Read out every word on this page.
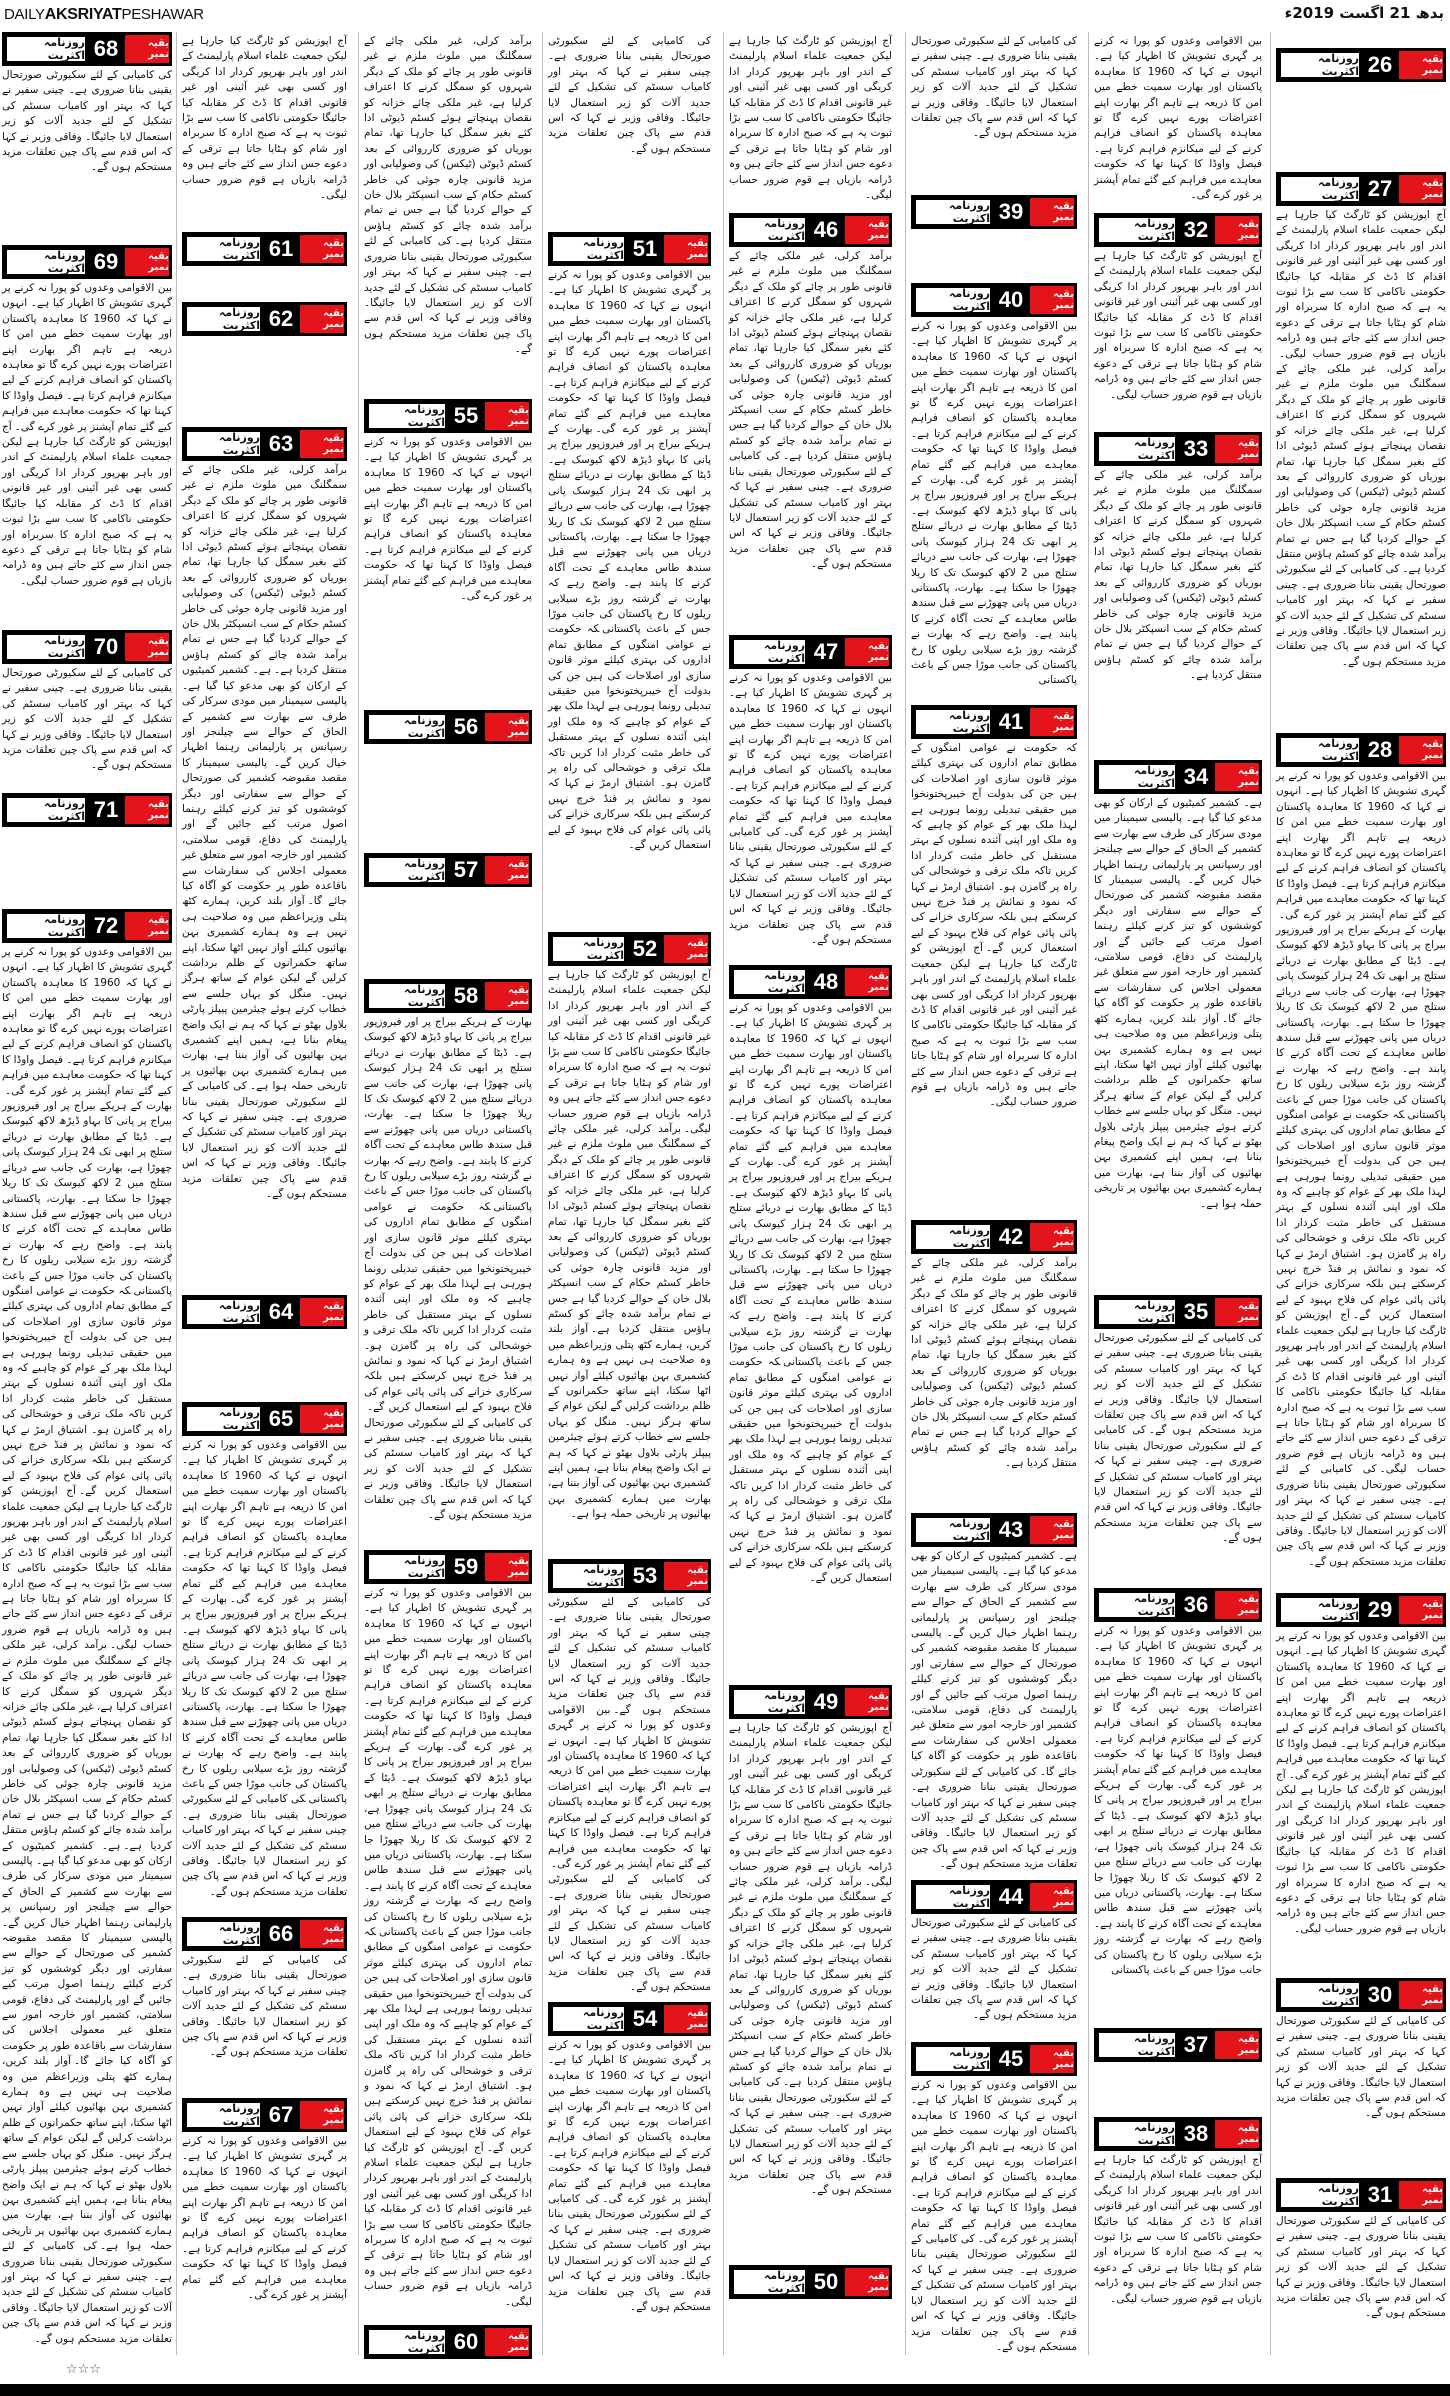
DAILYAKSRIYATPESHAWAR	بدھ 21 اگست 2019ء
روزنامہ اکثریت 68	بقیہ نمبر
کی کامیابی کے لئے سکیورٹی صورتحال یقینی بنانا ضروری ہے۔ چینی سفیر نے کہا کہ بہتر اور کامیاب سسٹم کی تشکیل کے لئے جدید آلات کو زیر استعمال لایا جائیگا۔ وفاقی وزیر نے کہا کہ اس قدم سے پاک چین تعلقات مزید مستحکم ہوں گے۔
روزنامہ اکثریت 69	بقیہ نمبر
بین الاقوامی وعدوں کو پورا نہ کرنے پر گہری تشویش کا اظہار کیا ہے۔ انہوں نے کہا کہ 1960 کا معاہدہ پاکستان اور بھارت سمیت خطے میں امن کا ذریعہ ہے تاہم اگر بھارت اپنے اعتراضات پورے نہیں کرے گا تو معاہدہ پاکستان کو انصاف فراہم کرنے کے لیے میکانزم فراہم کرتا ہے۔ فیصل واوڈا کا کہنا تھا کہ حکومت معاہدے میں فراہم کیے گئے تمام آپشنز پر غور کرے گی۔آج اپوزیشن کو ٹارگٹ کیا جارہا ہے لیکن جمعیت علماء اسلام پارلیمنٹ کے اندر اور باہر بھرپور کردار ادا کریگی اور کسی بھی غیر آئینی اور غیر قانونی اقدام کا ڈٹ کر مقابلہ کیا جائیگا حکومتی ناکامی کا سب سے بڑا ثبوت یہ ہے کہ صبح ادارہ کا سربراہ اور شام کو ہٹایا جاتا ہے ترقی کے دعوے جس انداز سے کئے جاتے ہیں وہ ڈرامہ بازیاں ہے قوم ضرور حساب لیگی۔
روزنامہ اکثریت 70	بقیہ نمبر
کی کامیابی کے لئے سکیورٹی صورتحال یقینی بنانا ضروری ہے۔ چینی سفیر نے کہا کہ بہتر اور کامیاب سسٹم کی تشکیل کے لئے جدید آلات کو زیر استعمال لایا جائیگا۔ وفاقی وزیر نے کہا کہ اس قدم سے پاک چین تعلقات مزید مستحکم ہوں گے۔
روزنامہ اکثریت 71	بقیہ نمبر
روزنامہ اکثریت 72	بقیہ نمبر
بین الاقوامی وعدوں کو پورا نہ کرنے پر گہری تشویش کا اظہار کیا ہے۔ انہوں نے کہا کہ 1960 کا معاہدہ پاکستان اور بھارت سمیت خطے میں امن کا ذریعہ ہے تاہم اگر بھارت اپنے اعتراضات پورے نہیں کرے گا تو معاہدہ پاکستان کو انصاف فراہم کرنے کے لیے میکانزم فراہم کرتا ہے۔ فیصل واوڈا کا کہنا تھا کہ حکومت معاہدے میں فراہم کیے گئے تمام آپشنز پر غور کرے گی۔بھارت کے ہریکے بیراج پر اور فیروزپور بیراج پر پانی کا بہاو ڈیڑھ لاکھ کیوسک ہے۔ ڈیٹا کے مطابق بھارت نے دریائے ستلج پر ابھی تک 24 ہزار کیوسک پانی چھوڑا ہے، بھارت کی جانب سے دریائے ستلج میں 2 لاکھ کیوسک تک کا ریلا چھوڑا جا سکتا ہے۔ بھارت، پاکستانی دریاں میں پانی چھوڑنے سے قبل سندھ طاس معاہدے کے تحت آگاہ کرنے کا پابند ہے۔ واضح رہے کہ بھارت نے گزشتہ روز بڑے سیلابی ریلوں کا رخ پاکستان کی جانب موڑا جس کے باعث پاکستانیکہ حکومت نے عوامی امنگوں کے مطابق تمام اداروں کی بہتری کیلئے موثر قانون سازی اور اصلاحات کی ہیں جن کی بدولت آج خیبرپختونخوا میں حقیقی تبدیلی رونما ہورہی ہے لہذا ملک بھر کے عوام کو چاہیے کہ وہ ملک اور اپنی آئندہ نسلوں کے بہتر مستقبل کی خاطر مثبت کردار ادا کریں تاکہ ملک ترقی و خوشحالی کی راہ پر گامزن ہو۔ اشتیاق ارمڑ نے کہا کہ نمود و نمائش پر فنڈ خرچ نہیں کرسکتے ہیں بلکہ سرکاری خزانے کی پائی پائی عوام کی فلاح بہبود کے لیے استعمال کریں گے۔آج اپوزیشن کو ٹارگٹ کیا جارہا ہے لیکن جمعیت علماء اسلام پارلیمنٹ کے اندر اور باہر بھرپور کردار ادا کریگی اور کسی بھی غیر آئینی اور غیر قانونی اقدام کا ڈٹ کر مقابلہ کیا جائیگا حکومتی ناکامی کا سب سے بڑا ثبوت یہ ہے کہ صبح ادارہ کا سربراہ اور شام کو ہٹایا جاتا ہے ترقی کے دعوے جس انداز سے کئے جاتے ہیں وہ ڈرامہ بازیاں ہے قوم ضرور حساب لیگی۔برآمد کرلی، غیر ملکی چائے کے سمگلنگ میں ملوث ملزم نے غیر قانونی طور پر چائے کو ملک کے دیگر شہروں کو سمگل کرنے کا اعتراف کرلیا ہے، غیر ملکی چائے خزانہ کو نقصان پہنچاتے ہوئے کسٹم ڈیوٹی ادا کئے بغیر سمگل کیا جارہا تھا، تمام بوریاں کو ضروری کارروائی کے بعد کسٹم ڈیوٹی (ٹیکس) کی وصولیابی اور مزید قانونی چارہ جوئی کی خاطر کسٹم حکام کے سب انسپکٹر بلال خان کے حوالے کردیا گیا ہے جس نے تمام برآمد شدہ چائے کو کسٹم ہاؤس منتقل کردیا ہے۔ہے۔ کشمیر کمیٹیوں کے ارکان کو بھی مدعو کیا گیا ہے۔ پالیسی سیمینار میں مودی سرکار کی طرف سے بھارت سے کشمیر کے الحاق کے حوالے سے چیلنجز اور رسپانس پر پارلیمانی رہنما اظہار خیال کریں گے۔ پالیسی سیمینار کا مقصد مقبوضہ کشمیر کی صورتحال کے حوالے سے سفارتی اور دیگر کوششوں کو تیز کرنے کیلئے رہنما اصول مرتب کیے جائیں گے اور پارلیمنٹ کی دفاع، قومی سلامتی، کشمیر اور خارجہ امور سے متعلق غیر معمولی اجلاس کی سفارشات سے باقاعدہ طور پر حکومت کو آگاہ کیا جائے گا۔آواز بلند کریں، ہمارے کٹھ پتلی وزیراعظم میں وہ صلاحیت ہی نہیں ہے وہ ہمارے کشمیری بہن بھائیوں کیلئے آواز نہیں اٹھا سکتا، اپنے ساتھ حکمرانوں کے ظلم برداشت کرلیں گے لیکن عوام کے ساتھ ہرگز نہیں۔ منگل کو یہاں جلسے سے خطاب کرتے ہوئے چیئرمین پیپلز پارٹی بلاول بھٹو نے کہا کہ ہم نے ایک واضح پیغام بنانا ہے، ہمیں اپنے کشمیری بہن بھائیوں کی آواز بننا ہے، بھارت میں ہمارے کشمیری بہن بھائیوں پر تاریخی حملہ ہوا ہے۔کی کامیابی کے لئے سکیورٹی صورتحال یقینی بنانا ضروری ہے۔ چینی سفیر نے کہا کہ بہتر اور کامیاب سسٹم کی تشکیل کے لئے جدید آلات کو زیر استعمال لایا جائیگا۔ وفاقی وزیر نے کہا کہ اس قدم سے پاک چین تعلقات مزید مستحکم ہوں گے۔
آج اپوزیشن کو ٹارگٹ کیا جارہا ہے لیکن جمعیت علماء اسلام پارلیمنٹ کے اندر اور باہر بھرپور کردار ادا کریگی اور کسی بھی غیر آئینی اور غیر قانونی اقدام کا ڈٹ کر مقابلہ کیا جائیگا حکومتی ناکامی کا سب سے بڑا ثبوت یہ ہے کہ صبح ادارہ کا سربراہ اور شام کو ہٹایا جاتا ہے ترقی کے دعوے جس انداز سے کئے جاتے ہیں وہ ڈرامہ بازیاں ہے قوم ضرور حساب لیگی۔
روزنامہ اکثریت 61	بقیہ نمبر
روزنامہ اکثریت 62	بقیہ نمبر
روزنامہ اکثریت 63	بقیہ نمبر
برآمد کرلی، غیر ملکی چائے کے سمگلنگ میں ملوث ملزم نے غیر قانونی طور پر چائے کو ملک کے دیگر شہروں کو سمگل کرنے کا اعتراف کرلیا ہے، غیر ملکی چائے خزانہ کو نقصان پہنچاتے ہوئے کسٹم ڈیوٹی ادا کئے بغیر سمگل کیا جارہا تھا، تمام بوریاں کو ضروری کارروائی کے بعد کسٹم ڈیوٹی (ٹیکس) کی وصولیابی اور مزید قانونی چارہ جوئی کی خاطر کسٹم حکام کے سب انسپکٹر بلال خان کے حوالے کردیا گیا ہے جس نے تمام برآمد شدہ چائے کو کسٹم ہاؤس منتقل کردیا ہے۔ہے۔ کشمیر کمیٹیوں کے ارکان کو بھی مدعو کیا گیا ہے۔ پالیسی سیمینار میں مودی سرکار کی طرف سے بھارت سے کشمیر کے الحاق کے حوالے سے چیلنجز اور رسپانس پر پارلیمانی رہنما اظہار خیال کریں گے۔ پالیسی سیمینار کا مقصد مقبوضہ کشمیر کی صورتحال کے حوالے سے سفارتی اور دیگر کوششوں کو تیز کرنے کیلئے رہنما اصول مرتب کیے جائیں گے اور پارلیمنٹ کی دفاع، قومی سلامتی، کشمیر اور خارجہ امور سے متعلق غیر معمولی اجلاس کی سفارشات سے باقاعدہ طور پر حکومت کو آگاہ کیا جائے گا۔آواز بلند کریں، ہمارے کٹھ پتلی وزیراعظم میں وہ صلاحیت ہی نہیں ہے وہ ہمارے کشمیری بہن بھائیوں کیلئے آواز نہیں اٹھا سکتا، اپنے ساتھ حکمرانوں کے ظلم برداشت کرلیں گے لیکن عوام کے ساتھ ہرگز نہیں۔ منگل کو یہاں جلسے سے خطاب کرتے ہوئے چیئرمین پیپلز پارٹی بلاول بھٹو نے کہا کہ ہم نے ایک واضح پیغام بنانا ہے، ہمیں اپنے کشمیری بہن بھائیوں کی آواز بننا ہے، بھارت میں ہمارے کشمیری بہن بھائیوں پر تاریخی حملہ ہوا ہے۔کی کامیابی کے لئے سکیورٹی صورتحال یقینی بنانا ضروری ہے۔ چینی سفیر نے کہا کہ بہتر اور کامیاب سسٹم کی تشکیل کے لئے جدید آلات کو زیر استعمال لایا جائیگا۔ وفاقی وزیر نے کہا کہ اس قدم سے پاک چین تعلقات مزید مستحکم ہوں گے۔
روزنامہ اکثریت 64	بقیہ نمبر
روزنامہ اکثریت 65	بقیہ نمبر
بین الاقوامی وعدوں کو پورا نہ کرنے پر گہری تشویش کا اظہار کیا ہے۔ انہوں نے کہا کہ 1960 کا معاہدہ پاکستان اور بھارت سمیت خطے میں امن کا ذریعہ ہے تاہم اگر بھارت اپنے اعتراضات پورے نہیں کرے گا تو معاہدہ پاکستان کو انصاف فراہم کرنے کے لیے میکانزم فراہم کرتا ہے۔ فیصل واوڈا کا کہنا تھا کہ حکومت معاہدے میں فراہم کیے گئے تمام آپشنز پر غور کرے گی۔بھارت کے ہریکے بیراج پر اور فیروزپور بیراج پر پانی کا بہاو ڈیڑھ لاکھ کیوسک ہے۔ ڈیٹا کے مطابق بھارت نے دریائے ستلج پر ابھی تک 24 ہزار کیوسک پانی چھوڑا ہے، بھارت کی جانب سے دریائے ستلج میں 2 لاکھ کیوسک تک کا ریلا چھوڑا جا سکتا ہے۔ بھارت، پاکستانی دریاں میں پانی چھوڑنے سے قبل سندھ طاس معاہدے کے تحت آگاہ کرنے کا پابند ہے۔ واضح رہے کہ بھارت نے گزشتہ روز بڑے سیلابی ریلوں کا رخ پاکستان کی جانب موڑا جس کے باعث پاکستانیکی کامیابی کے لئے سکیورٹی صورتحال یقینی بنانا ضروری ہے۔ چینی سفیر نے کہا کہ بہتر اور کامیاب سسٹم کی تشکیل کے لئے جدید آلات کو زیر استعمال لایا جائیگا۔ وفاقی وزیر نے کہا کہ اس قدم سے پاک چین تعلقات مزید مستحکم ہوں گے۔
روزنامہ اکثریت 66	بقیہ نمبر
کی کامیابی کے لئے سکیورٹی صورتحال یقینی بنانا ضروری ہے۔ چینی سفیر نے کہا کہ بہتر اور کامیاب سسٹم کی تشکیل کے لئے جدید آلات کو زیر استعمال لایا جائیگا۔ وفاقی وزیر نے کہا کہ اس قدم سے پاک چین تعلقات مزید مستحکم ہوں گے۔
روزنامہ اکثریت 67	بقیہ نمبر
بین الاقوامی وعدوں کو پورا نہ کرنے پر گہری تشویش کا اظہار کیا ہے۔ انہوں نے کہا کہ 1960 کا معاہدہ پاکستان اور بھارت سمیت خطے میں امن کا ذریعہ ہے تاہم اگر بھارت اپنے اعتراضات پورے نہیں کرے گا تو معاہدہ پاکستان کو انصاف فراہم کرنے کے لیے میکانزم فراہم کرتا ہے۔ فیصل واوڈا کا کہنا تھا کہ حکومت معاہدے میں فراہم کیے گئے تمام آپشنز پر غور کرے گی۔
برآمد کرلی، غیر ملکی چائے کے سمگلنگ میں ملوث ملزم نے غیر قانونی طور پر چائے کو ملک کے دیگر شہروں کو سمگل کرنے کا اعتراف کرلیا ہے، غیر ملکی چائے خزانہ کو نقصان پہنچاتے ہوئے کسٹم ڈیوٹی ادا کئے بغیر سمگل کیا جارہا تھا، تمام بوریاں کو ضروری کارروائی کے بعد کسٹم ڈیوٹی (ٹیکس) کی وصولیابی اور مزید قانونی چارہ جوئی کی خاطر کسٹم حکام کے سب انسپکٹر بلال خان کے حوالے کردیا گیا ہے جس نے تمام برآمد شدہ چائے کو کسٹم ہاؤس منتقل کردیا ہے۔کی کامیابی کے لئے سکیورٹی صورتحال یقینی بنانا ضروری ہے۔ چینی سفیر نے کہا کہ بہتر اور کامیاب سسٹم کی تشکیل کے لئے جدید آلات کو زیر استعمال لایا جائیگا۔ وفاقی وزیر نے کہا کہ اس قدم سے پاک چین تعلقات مزید مستحکم ہوں گے۔
روزنامہ اکثریت 55	بقیہ نمبر
بین الاقوامی وعدوں کو پورا نہ کرنے پر گہری تشویش کا اظہار کیا ہے۔ انہوں نے کہا کہ 1960 کا معاہدہ پاکستان اور بھارت سمیت خطے میں امن کا ذریعہ ہے تاہم اگر بھارت اپنے اعتراضات پورے نہیں کرے گا تو معاہدہ پاکستان کو انصاف فراہم کرنے کے لیے میکانزم فراہم کرتا ہے۔ فیصل واوڈا کا کہنا تھا کہ حکومت معاہدے میں فراہم کیے گئے تمام آپشنز پر غور کرے گی۔
روزنامہ اکثریت 56	بقیہ نمبر
روزنامہ اکثریت 57	بقیہ نمبر
روزنامہ اکثریت 58	بقیہ نمبر
بھارت کے ہریکے بیراج پر اور فیروزپور بیراج پر پانی کا بہاو ڈیڑھ لاکھ کیوسک ہے۔ ڈیٹا کے مطابق بھارت نے دریائے ستلج پر ابھی تک 24 ہزار کیوسک پانی چھوڑا ہے، بھارت کی جانب سے دریائے ستلج میں 2 لاکھ کیوسک تک کا ریلا چھوڑا جا سکتا ہے۔ بھارت، پاکستانی دریاں میں پانی چھوڑنے سے قبل سندھ طاس معاہدے کے تحت آگاہ کرنے کا پابند ہے۔ واضح رہے کہ بھارت نے گزشتہ روز بڑے سیلابی ریلوں کا رخ پاکستان کی جانب موڑا جس کے باعث پاکستانیکہ حکومت نے عوامی امنگوں کے مطابق تمام اداروں کی بہتری کیلئے موثر قانون سازی اور اصلاحات کی ہیں جن کی بدولت آج خیبرپختونخوا میں حقیقی تبدیلی رونما ہورہی ہے لہذا ملک بھر کے عوام کو چاہیے کہ وہ ملک اور اپنی آئندہ نسلوں کے بہتر مستقبل کی خاطر مثبت کردار ادا کریں تاکہ ملک ترقی و خوشحالی کی راہ پر گامزن ہو۔ اشتیاق ارمڑ نے کہا کہ نمود و نمائش پر فنڈ خرچ نہیں کرسکتے ہیں بلکہ سرکاری خزانے کی پائی پائی عوام کی فلاح بہبود کے لیے استعمال کریں گے۔کی کامیابی کے لئے سکیورٹی صورتحال یقینی بنانا ضروری ہے۔ چینی سفیر نے کہا کہ بہتر اور کامیاب سسٹم کی تشکیل کے لئے جدید آلات کو زیر استعمال لایا جائیگا۔ وفاقی وزیر نے کہا کہ اس قدم سے پاک چین تعلقات مزید مستحکم ہوں گے۔
روزنامہ اکثریت 59	بقیہ نمبر
بین الاقوامی وعدوں کو پورا نہ کرنے پر گہری تشویش کا اظہار کیا ہے۔ انہوں نے کہا کہ 1960 کا معاہدہ پاکستان اور بھارت سمیت خطے میں امن کا ذریعہ ہے تاہم اگر بھارت اپنے اعتراضات پورے نہیں کرے گا تو معاہدہ پاکستان کو انصاف فراہم کرنے کے لیے میکانزم فراہم کرتا ہے۔ فیصل واوڈا کا کہنا تھا کہ حکومت معاہدے میں فراہم کیے گئے تمام آپشنز پر غور کرے گی۔بھارت کے ہریکے بیراج پر اور فیروزپور بیراج پر پانی کا بہاو ڈیڑھ لاکھ کیوسک ہے۔ ڈیٹا کے مطابق بھارت نے دریائے ستلج پر ابھی تک 24 ہزار کیوسک پانی چھوڑا ہے، بھارت کی جانب سے دریائے ستلج میں 2 لاکھ کیوسک تک کا ریلا چھوڑا جا سکتا ہے۔ بھارت، پاکستانی دریاں میں پانی چھوڑنے سے قبل سندھ طاس معاہدے کے تحت آگاہ کرنے کا پابند ہے۔ واضح رہے کہ بھارت نے گزشتہ روز بڑے سیلابی ریلوں کا رخ پاکستان کی جانب موڑا جس کے باعث پاکستانیکہ حکومت نے عوامی امنگوں کے مطابق تمام اداروں کی بہتری کیلئے موثر قانون سازی اور اصلاحات کی ہیں جن کی بدولت آج خیبرپختونخوا میں حقیقی تبدیلی رونما ہورہی ہے لہذا ملک بھر کے عوام کو چاہیے کہ وہ ملک اور اپنی آئندہ نسلوں کے بہتر مستقبل کی خاطر مثبت کردار ادا کریں تاکہ ملک ترقی و خوشحالی کی راہ پر گامزن ہو۔ اشتیاق ارمڑ نے کہا کہ نمود و نمائش پر فنڈ خرچ نہیں کرسکتے ہیں بلکہ سرکاری خزانے کی پائی پائی عوام کی فلاح بہبود کے لیے استعمال کریں گے۔آج اپوزیشن کو ٹارگٹ کیا جارہا ہے لیکن جمعیت علماء اسلام پارلیمنٹ کے اندر اور باہر بھرپور کردار ادا کریگی اور کسی بھی غیر آئینی اور غیر قانونی اقدام کا ڈٹ کر مقابلہ کیا جائیگا حکومتی ناکامی کا سب سے بڑا ثبوت یہ ہے کہ صبح ادارہ کا سربراہ اور شام کو ہٹایا جاتا ہے ترقی کے دعوے جس انداز سے کئے جاتے ہیں وہ ڈرامہ بازیاں ہے قوم ضرور حساب لیگی۔
روزنامہ اکثریت 60	بقیہ نمبر
کی کامیابی کے لئے سکیورٹی صورتحال یقینی بنانا ضروری ہے۔ چینی سفیر نے کہا کہ بہتر اور کامیاب سسٹم کی تشکیل کے لئے جدید آلات کو زیر استعمال لایا جائیگا۔ وفاقی وزیر نے کہا کہ اس قدم سے پاک چین تعلقات مزید مستحکم ہوں گے۔
روزنامہ اکثریت 51	بقیہ نمبر
بین الاقوامی وعدوں کو پورا نہ کرنے پر گہری تشویش کا اظہار کیا ہے۔ انہوں نے کہا کہ 1960 کا معاہدہ پاکستان اور بھارت سمیت خطے میں امن کا ذریعہ ہے تاہم اگر بھارت اپنے اعتراضات پورے نہیں کرے گا تو معاہدہ پاکستان کو انصاف فراہم کرنے کے لیے میکانزم فراہم کرتا ہے۔ فیصل واوڈا کا کہنا تھا کہ حکومت معاہدے میں فراہم کیے گئے تمام آپشنز پر غور کرے گی۔بھارت کے ہریکے بیراج پر اور فیروزپور بیراج پر پانی کا بہاو ڈیڑھ لاکھ کیوسک ہے۔ ڈیٹا کے مطابق بھارت نے دریائے ستلج پر ابھی تک 24 ہزار کیوسک پانی چھوڑا ہے، بھارت کی جانب سے دریائے ستلج میں 2 لاکھ کیوسک تک کا ریلا چھوڑا جا سکتا ہے۔ بھارت، پاکستانی دریاں میں پانی چھوڑنے سے قبل سندھ طاس معاہدے کے تحت آگاہ کرنے کا پابند ہے۔ واضح رہے کہ بھارت نے گزشتہ روز بڑے سیلابی ریلوں کا رخ پاکستان کی جانب موڑا جس کے باعث پاکستانیکہ حکومت نے عوامی امنگوں کے مطابق تمام اداروں کی بہتری کیلئے موثر قانون سازی اور اصلاحات کی ہیں جن کی بدولت آج خیبرپختونخوا میں حقیقی تبدیلی رونما ہورہی ہے لہذا ملک بھر کے عوام کو چاہیے کہ وہ ملک اور اپنی آئندہ نسلوں کے بہتر مستقبل کی خاطر مثبت کردار ادا کریں تاکہ ملک ترقی و خوشحالی کی راہ پر گامزن ہو۔ اشتیاق ارمڑ نے کہا کہ نمود و نمائش پر فنڈ خرچ نہیں کرسکتے ہیں بلکہ سرکاری خزانے کی پائی پائی عوام کی فلاح بہبود کے لیے استعمال کریں گے۔
روزنامہ اکثریت 52	بقیہ نمبر
آج اپوزیشن کو ٹارگٹ کیا جارہا ہے لیکن جمعیت علماء اسلام پارلیمنٹ کے اندر اور باہر بھرپور کردار ادا کریگی اور کسی بھی غیر آئینی اور غیر قانونی اقدام کا ڈٹ کر مقابلہ کیا جائیگا حکومتی ناکامی کا سب سے بڑا ثبوت یہ ہے کہ صبح ادارہ کا سربراہ اور شام کو ہٹایا جاتا ہے ترقی کے دعوے جس انداز سے کئے جاتے ہیں وہ ڈرامہ بازیاں ہے قوم ضرور حساب لیگی۔برآمد کرلی، غیر ملکی چائے کے سمگلنگ میں ملوث ملزم نے غیر قانونی طور پر چائے کو ملک کے دیگر شہروں کو سمگل کرنے کا اعتراف کرلیا ہے، غیر ملکی چائے خزانہ کو نقصان پہنچاتے ہوئے کسٹم ڈیوٹی ادا کئے بغیر سمگل کیا جارہا تھا، تمام بوریاں کو ضروری کارروائی کے بعد کسٹم ڈیوٹی (ٹیکس) کی وصولیابی اور مزید قانونی چارہ جوئی کی خاطر کسٹم حکام کے سب انسپکٹر بلال خان کے حوالے کردیا گیا ہے جس نے تمام برآمد شدہ چائے کو کسٹم ہاؤس منتقل کردیا ہے۔آواز بلند کریں، ہمارے کٹھ پتلی وزیراعظم میں وہ صلاحیت ہی نہیں ہے وہ ہمارے کشمیری بہن بھائیوں کیلئے آواز نہیں اٹھا سکتا، اپنے ساتھ حکمرانوں کے ظلم برداشت کرلیں گے لیکن عوام کے ساتھ ہرگز نہیں۔ منگل کو یہاں جلسے سے خطاب کرتے ہوئے چیئرمین پیپلز پارٹی بلاول بھٹو نے کہا کہ ہم نے ایک واضح پیغام بنانا ہے، ہمیں اپنے کشمیری بہن بھائیوں کی آواز بننا ہے، بھارت میں ہمارے کشمیری بہن بھائیوں پر تاریخی حملہ ہوا ہے۔
روزنامہ اکثریت 53	بقیہ نمبر
کی کامیابی کے لئے سکیورٹی صورتحال یقینی بنانا ضروری ہے۔ چینی سفیر نے کہا کہ بہتر اور کامیاب سسٹم کی تشکیل کے لئے جدید آلات کو زیر استعمال لایا جائیگا۔ وفاقی وزیر نے کہا کہ اس قدم سے پاک چین تعلقات مزید مستحکم ہوں گے۔بین الاقوامی وعدوں کو پورا نہ کرنے پر گہری تشویش کا اظہار کیا ہے۔ انہوں نے کہا کہ 1960 کا معاہدہ پاکستان اور بھارت سمیت خطے میں امن کا ذریعہ ہے تاہم اگر بھارت اپنے اعتراضات پورے نہیں کرے گا تو معاہدہ پاکستان کو انصاف فراہم کرنے کے لیے میکانزم فراہم کرتا ہے۔ فیصل واوڈا کا کہنا تھا کہ حکومت معاہدے میں فراہم کیے گئے تمام آپشنز پر غور کرے گی۔کی کامیابی کے لئے سکیورٹی صورتحال یقینی بنانا ضروری ہے۔ چینی سفیر نے کہا کہ بہتر اور کامیاب سسٹم کی تشکیل کے لئے جدید آلات کو زیر استعمال لایا جائیگا۔ وفاقی وزیر نے کہا کہ اس قدم سے پاک چین تعلقات مزید مستحکم ہوں گے۔
روزنامہ اکثریت 54	بقیہ نمبر
بین الاقوامی وعدوں کو پورا نہ کرنے پر گہری تشویش کا اظہار کیا ہے۔ انہوں نے کہا کہ 1960 کا معاہدہ پاکستان اور بھارت سمیت خطے میں امن کا ذریعہ ہے تاہم اگر بھارت اپنے اعتراضات پورے نہیں کرے گا تو معاہدہ پاکستان کو انصاف فراہم کرنے کے لیے میکانزم فراہم کرتا ہے۔ فیصل واوڈا کا کہنا تھا کہ حکومت معاہدے میں فراہم کیے گئے تمام آپشنز پر غور کرے گی۔کی کامیابی کے لئے سکیورٹی صورتحال یقینی بنانا ضروری ہے۔ چینی سفیر نے کہا کہ بہتر اور کامیاب سسٹم کی تشکیل کے لئے جدید آلات کو زیر استعمال لایا جائیگا۔ وفاقی وزیر نے کہا کہ اس قدم سے پاک چین تعلقات مزید مستحکم ہوں گے۔
آج اپوزیشن کو ٹارگٹ کیا جارہا ہے لیکن جمعیت علماء اسلام پارلیمنٹ کے اندر اور باہر بھرپور کردار ادا کریگی اور کسی بھی غیر آئینی اور غیر قانونی اقدام کا ڈٹ کر مقابلہ کیا جائیگا حکومتی ناکامی کا سب سے بڑا ثبوت یہ ہے کہ صبح ادارہ کا سربراہ اور شام کو ہٹایا جاتا ہے ترقی کے دعوے جس انداز سے کئے جاتے ہیں وہ ڈرامہ بازیاں ہے قوم ضرور حساب لیگی۔
روزنامہ اکثریت 46	بقیہ نمبر
برآمد کرلی، غیر ملکی چائے کے سمگلنگ میں ملوث ملزم نے غیر قانونی طور پر چائے کو ملک کے دیگر شہروں کو سمگل کرنے کا اعتراف کرلیا ہے، غیر ملکی چائے خزانہ کو نقصان پہنچاتے ہوئے کسٹم ڈیوٹی ادا کئے بغیر سمگل کیا جارہا تھا، تمام بوریاں کو ضروری کارروائی کے بعد کسٹم ڈیوٹی (ٹیکس) کی وصولیابی اور مزید قانونی چارہ جوئی کی خاطر کسٹم حکام کے سب انسپکٹر بلال خان کے حوالے کردیا گیا ہے جس نے تمام برآمد شدہ چائے کو کسٹم ہاؤس منتقل کردیا ہے۔کی کامیابی کے لئے سکیورٹی صورتحال یقینی بنانا ضروری ہے۔ چینی سفیر نے کہا کہ بہتر اور کامیاب سسٹم کی تشکیل کے لئے جدید آلات کو زیر استعمال لایا جائیگا۔ وفاقی وزیر نے کہا کہ اس قدم سے پاک چین تعلقات مزید مستحکم ہوں گے۔
روزنامہ اکثریت 47	بقیہ نمبر
بین الاقوامی وعدوں کو پورا نہ کرنے پر گہری تشویش کا اظہار کیا ہے۔ انہوں نے کہا کہ 1960 کا معاہدہ پاکستان اور بھارت سمیت خطے میں امن کا ذریعہ ہے تاہم اگر بھارت اپنے اعتراضات پورے نہیں کرے گا تو معاہدہ پاکستان کو انصاف فراہم کرنے کے لیے میکانزم فراہم کرتا ہے۔ فیصل واوڈا کا کہنا تھا کہ حکومت معاہدے میں فراہم کیے گئے تمام آپشنز پر غور کرے گی۔کی کامیابی کے لئے سکیورٹی صورتحال یقینی بنانا ضروری ہے۔ چینی سفیر نے کہا کہ بہتر اور کامیاب سسٹم کی تشکیل کے لئے جدید آلات کو زیر استعمال لایا جائیگا۔ وفاقی وزیر نے کہا کہ اس قدم سے پاک چین تعلقات مزید مستحکم ہوں گے۔
روزنامہ اکثریت 48	بقیہ نمبر
بین الاقوامی وعدوں کو پورا نہ کرنے پر گہری تشویش کا اظہار کیا ہے۔ انہوں نے کہا کہ 1960 کا معاہدہ پاکستان اور بھارت سمیت خطے میں امن کا ذریعہ ہے تاہم اگر بھارت اپنے اعتراضات پورے نہیں کرے گا تو معاہدہ پاکستان کو انصاف فراہم کرنے کے لیے میکانزم فراہم کرتا ہے۔ فیصل واوڈا کا کہنا تھا کہ حکومت معاہدے میں فراہم کیے گئے تمام آپشنز پر غور کرے گی۔بھارت کے ہریکے بیراج پر اور فیروزپور بیراج پر پانی کا بہاو ڈیڑھ لاکھ کیوسک ہے۔ ڈیٹا کے مطابق بھارت نے دریائے ستلج پر ابھی تک 24 ہزار کیوسک پانی چھوڑا ہے، بھارت کی جانب سے دریائے ستلج میں 2 لاکھ کیوسک تک کا ریلا چھوڑا جا سکتا ہے۔ بھارت، پاکستانی دریاں میں پانی چھوڑنے سے قبل سندھ طاس معاہدے کے تحت آگاہ کرنے کا پابند ہے۔ واضح رہے کہ بھارت نے گزشتہ روز بڑے سیلابی ریلوں کا رخ پاکستان کی جانب موڑا جس کے باعث پاکستانیکہ حکومت نے عوامی امنگوں کے مطابق تمام اداروں کی بہتری کیلئے موثر قانون سازی اور اصلاحات کی ہیں جن کی بدولت آج خیبرپختونخوا میں حقیقی تبدیلی رونما ہورہی ہے لہذا ملک بھر کے عوام کو چاہیے کہ وہ ملک اور اپنی آئندہ نسلوں کے بہتر مستقبل کی خاطر مثبت کردار ادا کریں تاکہ ملک ترقی و خوشحالی کی راہ پر گامزن ہو۔ اشتیاق ارمڑ نے کہا کہ نمود و نمائش پر فنڈ خرچ نہیں کرسکتے ہیں بلکہ سرکاری خزانے کی پائی پائی عوام کی فلاح بہبود کے لیے استعمال کریں گے۔
روزنامہ اکثریت 49	بقیہ نمبر
آج اپوزیشن کو ٹارگٹ کیا جارہا ہے لیکن جمعیت علماء اسلام پارلیمنٹ کے اندر اور باہر بھرپور کردار ادا کریگی اور کسی بھی غیر آئینی اور غیر قانونی اقدام کا ڈٹ کر مقابلہ کیا جائیگا حکومتی ناکامی کا سب سے بڑا ثبوت یہ ہے کہ صبح ادارہ کا سربراہ اور شام کو ہٹایا جاتا ہے ترقی کے دعوے جس انداز سے کئے جاتے ہیں وہ ڈرامہ بازیاں ہے قوم ضرور حساب لیگی۔برآمد کرلی، غیر ملکی چائے کے سمگلنگ میں ملوث ملزم نے غیر قانونی طور پر چائے کو ملک کے دیگر شہروں کو سمگل کرنے کا اعتراف کرلیا ہے، غیر ملکی چائے خزانہ کو نقصان پہنچاتے ہوئے کسٹم ڈیوٹی ادا کئے بغیر سمگل کیا جارہا تھا، تمام بوریاں کو ضروری کارروائی کے بعد کسٹم ڈیوٹی (ٹیکس) کی وصولیابی اور مزید قانونی چارہ جوئی کی خاطر کسٹم حکام کے سب انسپکٹر بلال خان کے حوالے کردیا گیا ہے جس نے تمام برآمد شدہ چائے کو کسٹم ہاؤس منتقل کردیا ہے۔کی کامیابی کے لئے سکیورٹی صورتحال یقینی بنانا ضروری ہے۔ چینی سفیر نے کہا کہ بہتر اور کامیاب سسٹم کی تشکیل کے لئے جدید آلات کو زیر استعمال لایا جائیگا۔ وفاقی وزیر نے کہا کہ اس قدم سے پاک چین تعلقات مزید مستحکم ہوں گے۔
روزنامہ اکثریت 50	بقیہ نمبر
کی کامیابی کے لئے سکیورٹی صورتحال یقینی بنانا ضروری ہے۔ چینی سفیر نے کہا کہ بہتر اور کامیاب سسٹم کی تشکیل کے لئے جدید آلات کو زیر استعمال لایا جائیگا۔ وفاقی وزیر نے کہا کہ اس قدم سے پاک چین تعلقات مزید مستحکم ہوں گے۔
روزنامہ اکثریت 39	بقیہ نمبر
روزنامہ اکثریت 40	بقیہ نمبر
بین الاقوامی وعدوں کو پورا نہ کرنے پر گہری تشویش کا اظہار کیا ہے۔ انہوں نے کہا کہ 1960 کا معاہدہ پاکستان اور بھارت سمیت خطے میں امن کا ذریعہ ہے تاہم اگر بھارت اپنے اعتراضات پورے نہیں کرے گا تو معاہدہ پاکستان کو انصاف فراہم کرنے کے لیے میکانزم فراہم کرتا ہے۔ فیصل واوڈا کا کہنا تھا کہ حکومت معاہدے میں فراہم کیے گئے تمام آپشنز پر غور کرے گی۔بھارت کے ہریکے بیراج پر اور فیروزپور بیراج پر پانی کا بہاو ڈیڑھ لاکھ کیوسک ہے۔ ڈیٹا کے مطابق بھارت نے دریائے ستلج پر ابھی تک 24 ہزار کیوسک پانی چھوڑا ہے، بھارت کی جانب سے دریائے ستلج میں 2 لاکھ کیوسک تک کا ریلا چھوڑا جا سکتا ہے۔ بھارت، پاکستانی دریاں میں پانی چھوڑنے سے قبل سندھ طاس معاہدے کے تحت آگاہ کرنے کا پابند ہے۔ واضح رہے کہ بھارت نے گزشتہ روز بڑے سیلابی ریلوں کا رخ پاکستان کی جانب موڑا جس کے باعث پاکستانی
روزنامہ اکثریت 41	بقیہ نمبر
کہ حکومت نے عوامی امنگوں کے مطابق تمام اداروں کی بہتری کیلئے موثر قانون سازی اور اصلاحات کی ہیں جن کی بدولت آج خیبرپختونخوا میں حقیقی تبدیلی رونما ہورہی ہے لہذا ملک بھر کے عوام کو چاہیے کہ وہ ملک اور اپنی آئندہ نسلوں کے بہتر مستقبل کی خاطر مثبت کردار ادا کریں تاکہ ملک ترقی و خوشحالی کی راہ پر گامزن ہو۔ اشتیاق ارمڑ نے کہا کہ نمود و نمائش پر فنڈ خرچ نہیں کرسکتے ہیں بلکہ سرکاری خزانے کی پائی پائی عوام کی فلاح بہبود کے لیے استعمال کریں گے۔آج اپوزیشن کو ٹارگٹ کیا جارہا ہے لیکن جمعیت علماء اسلام پارلیمنٹ کے اندر اور باہر بھرپور کردار ادا کریگی اور کسی بھی غیر آئینی اور غیر قانونی اقدام کا ڈٹ کر مقابلہ کیا جائیگا حکومتی ناکامی کا سب سے بڑا ثبوت یہ ہے کہ صبح ادارہ کا سربراہ اور شام کو ہٹایا جاتا ہے ترقی کے دعوے جس انداز سے کئے جاتے ہیں وہ ڈرامہ بازیاں ہے قوم ضرور حساب لیگی۔
روزنامہ اکثریت 42	بقیہ نمبر
برآمد کرلی، غیر ملکی چائے کے سمگلنگ میں ملوث ملزم نے غیر قانونی طور پر چائے کو ملک کے دیگر شہروں کو سمگل کرنے کا اعتراف کرلیا ہے، غیر ملکی چائے خزانہ کو نقصان پہنچاتے ہوئے کسٹم ڈیوٹی ادا کئے بغیر سمگل کیا جارہا تھا، تمام بوریاں کو ضروری کارروائی کے بعد کسٹم ڈیوٹی (ٹیکس) کی وصولیابی اور مزید قانونی چارہ جوئی کی خاطر کسٹم حکام کے سب انسپکٹر بلال خان کے حوالے کردیا گیا ہے جس نے تمام برآمد شدہ چائے کو کسٹم ہاؤس منتقل کردیا ہے۔
روزنامہ اکثریت 43	بقیہ نمبر
ہے۔ کشمیر کمیٹیوں کے ارکان کو بھی مدعو کیا گیا ہے۔ پالیسی سیمینار میں مودی سرکار کی طرف سے بھارت سے کشمیر کے الحاق کے حوالے سے چیلنجز اور رسپانس پر پارلیمانی رہنما اظہار خیال کریں گے۔ پالیسی سیمینار کا مقصد مقبوضہ کشمیر کی صورتحال کے حوالے سے سفارتی اور دیگر کوششوں کو تیز کرنے کیلئے رہنما اصول مرتب کیے جائیں گے اور پارلیمنٹ کی دفاع، قومی سلامتی، کشمیر اور خارجہ امور سے متعلق غیر معمولی اجلاس کی سفارشات سے باقاعدہ طور پر حکومت کو آگاہ کیا جائے گا۔کی کامیابی کے لئے سکیورٹی صورتحال یقینی بنانا ضروری ہے۔ چینی سفیر نے کہا کہ بہتر اور کامیاب سسٹم کی تشکیل کے لئے جدید آلات کو زیر استعمال لایا جائیگا۔ وفاقی وزیر نے کہا کہ اس قدم سے پاک چین تعلقات مزید مستحکم ہوں گے۔
روزنامہ اکثریت 44	بقیہ نمبر
کی کامیابی کے لئے سکیورٹی صورتحال یقینی بنانا ضروری ہے۔ چینی سفیر نے کہا کہ بہتر اور کامیاب سسٹم کی تشکیل کے لئے جدید آلات کو زیر استعمال لایا جائیگا۔ وفاقی وزیر نے کہا کہ اس قدم سے پاک چین تعلقات مزید مستحکم ہوں گے۔
روزنامہ اکثریت 45	بقیہ نمبر
بین الاقوامی وعدوں کو پورا نہ کرنے پر گہری تشویش کا اظہار کیا ہے۔ انہوں نے کہا کہ 1960 کا معاہدہ پاکستان اور بھارت سمیت خطے میں امن کا ذریعہ ہے تاہم اگر بھارت اپنے اعتراضات پورے نہیں کرے گا تو معاہدہ پاکستان کو انصاف فراہم کرنے کے لیے میکانزم فراہم کرتا ہے۔ فیصل واوڈا کا کہنا تھا کہ حکومت معاہدے میں فراہم کیے گئے تمام آپشنز پر غور کرے گی۔کی کامیابی کے لئے سکیورٹی صورتحال یقینی بنانا ضروری ہے۔ چینی سفیر نے کہا کہ بہتر اور کامیاب سسٹم کی تشکیل کے لئے جدید آلات کو زیر استعمال لایا جائیگا۔ وفاقی وزیر نے کہا کہ اس قدم سے پاک چین تعلقات مزید مستحکم ہوں گے۔
بین الاقوامی وعدوں کو پورا نہ کرنے پر گہری تشویش کا اظہار کیا ہے۔ انہوں نے کہا کہ 1960 کا معاہدہ پاکستان اور بھارت سمیت خطے میں امن کا ذریعہ ہے تاہم اگر بھارت اپنے اعتراضات پورے نہیں کرے گا تو معاہدہ پاکستان کو انصاف فراہم کرنے کے لیے میکانزم فراہم کرتا ہے۔ فیصل واوڈا کا کہنا تھا کہ حکومت معاہدے میں فراہم کیے گئے تمام آپشنز پر غور کرے گی۔
روزنامہ اکثریت 32	بقیہ نمبر
آج اپوزیشن کو ٹارگٹ کیا جارہا ہے لیکن جمعیت علماء اسلام پارلیمنٹ کے اندر اور باہر بھرپور کردار ادا کریگی اور کسی بھی غیر آئینی اور غیر قانونی اقدام کا ڈٹ کر مقابلہ کیا جائیگا حکومتی ناکامی کا سب سے بڑا ثبوت یہ ہے کہ صبح ادارہ کا سربراہ اور شام کو ہٹایا جاتا ہے ترقی کے دعوے جس انداز سے کئے جاتے ہیں وہ ڈرامہ بازیاں ہے قوم ضرور حساب لیگی۔
روزنامہ اکثریت 33	بقیہ نمبر
برآمد کرلی، غیر ملکی چائے کے سمگلنگ میں ملوث ملزم نے غیر قانونی طور پر چائے کو ملک کے دیگر شہروں کو سمگل کرنے کا اعتراف کرلیا ہے، غیر ملکی چائے خزانہ کو نقصان پہنچاتے ہوئے کسٹم ڈیوٹی ادا کئے بغیر سمگل کیا جارہا تھا، تمام بوریاں کو ضروری کارروائی کے بعد کسٹم ڈیوٹی (ٹیکس) کی وصولیابی اور مزید قانونی چارہ جوئی کی خاطر کسٹم حکام کے سب انسپکٹر بلال خان کے حوالے کردیا گیا ہے جس نے تمام برآمد شدہ چائے کو کسٹم ہاؤس منتقل کردیا ہے۔
روزنامہ اکثریت 34	بقیہ نمبر
ہے۔ کشمیر کمیٹیوں کے ارکان کو بھی مدعو کیا گیا ہے۔ پالیسی سیمینار میں مودی سرکار کی طرف سے بھارت سے کشمیر کے الحاق کے حوالے سے چیلنجز اور رسپانس پر پارلیمانی رہنما اظہار خیال کریں گے۔ پالیسی سیمینار کا مقصد مقبوضہ کشمیر کی صورتحال کے حوالے سے سفارتی اور دیگر کوششوں کو تیز کرنے کیلئے رہنما اصول مرتب کیے جائیں گے اور پارلیمنٹ کی دفاع، قومی سلامتی، کشمیر اور خارجہ امور سے متعلق غیر معمولی اجلاس کی سفارشات سے باقاعدہ طور پر حکومت کو آگاہ کیا جائے گا۔آواز بلند کریں، ہمارے کٹھ پتلی وزیراعظم میں وہ صلاحیت ہی نہیں ہے وہ ہمارے کشمیری بہن بھائیوں کیلئے آواز نہیں اٹھا سکتا، اپنے ساتھ حکمرانوں کے ظلم برداشت کرلیں گے لیکن عوام کے ساتھ ہرگز نہیں۔ منگل کو یہاں جلسے سے خطاب کرتے ہوئے چیئرمین پیپلز پارٹی بلاول بھٹو نے کہا کہ ہم نے ایک واضح پیغام بنانا ہے، ہمیں اپنے کشمیری بہن بھائیوں کی آواز بننا ہے، بھارت میں ہمارے کشمیری بہن بھائیوں پر تاریخی حملہ ہوا ہے۔
روزنامہ اکثریت 35	بقیہ نمبر
کی کامیابی کے لئے سکیورٹی صورتحال یقینی بنانا ضروری ہے۔ چینی سفیر نے کہا کہ بہتر اور کامیاب سسٹم کی تشکیل کے لئے جدید آلات کو زیر استعمال لایا جائیگا۔ وفاقی وزیر نے کہا کہ اس قدم سے پاک چین تعلقات مزید مستحکم ہوں گے۔کی کامیابی کے لئے سکیورٹی صورتحال یقینی بنانا ضروری ہے۔ چینی سفیر نے کہا کہ بہتر اور کامیاب سسٹم کی تشکیل کے لئے جدید آلات کو زیر استعمال لایا جائیگا۔ وفاقی وزیر نے کہا کہ اس قدم سے پاک چین تعلقات مزید مستحکم ہوں گے۔
روزنامہ اکثریت 36	بقیہ نمبر
بین الاقوامی وعدوں کو پورا نہ کرنے پر گہری تشویش کا اظہار کیا ہے۔ انہوں نے کہا کہ 1960 کا معاہدہ پاکستان اور بھارت سمیت خطے میں امن کا ذریعہ ہے تاہم اگر بھارت اپنے اعتراضات پورے نہیں کرے گا تو معاہدہ پاکستان کو انصاف فراہم کرنے کے لیے میکانزم فراہم کرتا ہے۔ فیصل واوڈا کا کہنا تھا کہ حکومت معاہدے میں فراہم کیے گئے تمام آپشنز پر غور کرے گی۔بھارت کے ہریکے بیراج پر اور فیروزپور بیراج پر پانی کا بہاو ڈیڑھ لاکھ کیوسک ہے۔ ڈیٹا کے مطابق بھارت نے دریائے ستلج پر ابھی تک 24 ہزار کیوسک پانی چھوڑا ہے، بھارت کی جانب سے دریائے ستلج میں 2 لاکھ کیوسک تک کا ریلا چھوڑا جا سکتا ہے۔ بھارت، پاکستانی دریاں میں پانی چھوڑنے سے قبل سندھ طاس معاہدے کے تحت آگاہ کرنے کا پابند ہے۔ واضح رہے کہ بھارت نے گزشتہ روز بڑے سیلابی ریلوں کا رخ پاکستان کی جانب موڑا جس کے باعث پاکستانی
روزنامہ اکثریت 37	بقیہ نمبر
روزنامہ اکثریت 38	بقیہ نمبر
آج اپوزیشن کو ٹارگٹ کیا جارہا ہے لیکن جمعیت علماء اسلام پارلیمنٹ کے اندر اور باہر بھرپور کردار ادا کریگی اور کسی بھی غیر آئینی اور غیر قانونی اقدام کا ڈٹ کر مقابلہ کیا جائیگا حکومتی ناکامی کا سب سے بڑا ثبوت یہ ہے کہ صبح ادارہ کا سربراہ اور شام کو ہٹایا جاتا ہے ترقی کے دعوے جس انداز سے کئے جاتے ہیں وہ ڈرامہ بازیاں ہے قوم ضرور حساب لیگی۔
روزنامہ اکثریت 26	بقیہ نمبر
روزنامہ اکثریت 27	بقیہ نمبر
آج اپوزیشن کو ٹارگٹ کیا جارہا ہے لیکن جمعیت علماء اسلام پارلیمنٹ کے اندر اور باہر بھرپور کردار ادا کریگی اور کسی بھی غیر آئینی اور غیر قانونی اقدام کا ڈٹ کر مقابلہ کیا جائیگا حکومتی ناکامی کا سب سے بڑا ثبوت یہ ہے کہ صبح ادارہ کا سربراہ اور شام کو ہٹایا جاتا ہے ترقی کے دعوے جس انداز سے کئے جاتے ہیں وہ ڈرامہ بازیاں ہے قوم ضرور حساب لیگی۔برآمد کرلی، غیر ملکی چائے کے سمگلنگ میں ملوث ملزم نے غیر قانونی طور پر چائے کو ملک کے دیگر شہروں کو سمگل کرنے کا اعتراف کرلیا ہے، غیر ملکی چائے خزانہ کو نقصان پہنچاتے ہوئے کسٹم ڈیوٹی ادا کئے بغیر سمگل کیا جارہا تھا، تمام بوریاں کو ضروری کارروائی کے بعد کسٹم ڈیوٹی (ٹیکس) کی وصولیابی اور مزید قانونی چارہ جوئی کی خاطر کسٹم حکام کے سب انسپکٹر بلال خان کے حوالے کردیا گیا ہے جس نے تمام برآمد شدہ چائے کو کسٹم ہاؤس منتقل کردیا ہے۔کی کامیابی کے لئے سکیورٹی صورتحال یقینی بنانا ضروری ہے۔ چینی سفیر نے کہا کہ بہتر اور کامیاب سسٹم کی تشکیل کے لئے جدید آلات کو زیر استعمال لایا جائیگا۔ وفاقی وزیر نے کہا کہ اس قدم سے پاک چین تعلقات مزید مستحکم ہوں گے۔
روزنامہ اکثریت 28	بقیہ نمبر
بین الاقوامی وعدوں کو پورا نہ کرنے پر گہری تشویش کا اظہار کیا ہے۔ انہوں نے کہا کہ 1960 کا معاہدہ پاکستان اور بھارت سمیت خطے میں امن کا ذریعہ ہے تاہم اگر بھارت اپنے اعتراضات پورے نہیں کرے گا تو معاہدہ پاکستان کو انصاف فراہم کرنے کے لیے میکانزم فراہم کرتا ہے۔ فیصل واوڈا کا کہنا تھا کہ حکومت معاہدے میں فراہم کیے گئے تمام آپشنز پر غور کرے گی۔بھارت کے ہریکے بیراج پر اور فیروزپور بیراج پر پانی کا بہاو ڈیڑھ لاکھ کیوسک ہے۔ ڈیٹا کے مطابق بھارت نے دریائے ستلج پر ابھی تک 24 ہزار کیوسک پانی چھوڑا ہے، بھارت کی جانب سے دریائے ستلج میں 2 لاکھ کیوسک تک کا ریلا چھوڑا جا سکتا ہے۔ بھارت، پاکستانی دریاں میں پانی چھوڑنے سے قبل سندھ طاس معاہدے کے تحت آگاہ کرنے کا پابند ہے۔ واضح رہے کہ بھارت نے گزشتہ روز بڑے سیلابی ریلوں کا رخ پاکستان کی جانب موڑا جس کے باعث پاکستانیکہ حکومت نے عوامی امنگوں کے مطابق تمام اداروں کی بہتری کیلئے موثر قانون سازی اور اصلاحات کی ہیں جن کی بدولت آج خیبرپختونخوا میں حقیقی تبدیلی رونما ہورہی ہے لہذا ملک بھر کے عوام کو چاہیے کہ وہ ملک اور اپنی آئندہ نسلوں کے بہتر مستقبل کی خاطر مثبت کردار ادا کریں تاکہ ملک ترقی و خوشحالی کی راہ پر گامزن ہو۔ اشتیاق ارمڑ نے کہا کہ نمود و نمائش پر فنڈ خرچ نہیں کرسکتے ہیں بلکہ سرکاری خزانے کی پائی پائی عوام کی فلاح بہبود کے لیے استعمال کریں گے۔آج اپوزیشن کو ٹارگٹ کیا جارہا ہے لیکن جمعیت علماء اسلام پارلیمنٹ کے اندر اور باہر بھرپور کردار ادا کریگی اور کسی بھی غیر آئینی اور غیر قانونی اقدام کا ڈٹ کر مقابلہ کیا جائیگا حکومتی ناکامی کا سب سے بڑا ثبوت یہ ہے کہ صبح ادارہ کا سربراہ اور شام کو ہٹایا جاتا ہے ترقی کے دعوے جس انداز سے کئے جاتے ہیں وہ ڈرامہ بازیاں ہے قوم ضرور حساب لیگی۔کی کامیابی کے لئے سکیورٹی صورتحال یقینی بنانا ضروری ہے۔ چینی سفیر نے کہا کہ بہتر اور کامیاب سسٹم کی تشکیل کے لئے جدید آلات کو زیر استعمال لایا جائیگا۔ وفاقی وزیر نے کہا کہ اس قدم سے پاک چین تعلقات مزید مستحکم ہوں گے۔
روزنامہ اکثریت 29	بقیہ نمبر
بین الاقوامی وعدوں کو پورا نہ کرنے پر گہری تشویش کا اظہار کیا ہے۔ انہوں نے کہا کہ 1960 کا معاہدہ پاکستان اور بھارت سمیت خطے میں امن کا ذریعہ ہے تاہم اگر بھارت اپنے اعتراضات پورے نہیں کرے گا تو معاہدہ پاکستان کو انصاف فراہم کرنے کے لیے میکانزم فراہم کرتا ہے۔ فیصل واوڈا کا کہنا تھا کہ حکومت معاہدے میں فراہم کیے گئے تمام آپشنز پر غور کرے گی۔آج اپوزیشن کو ٹارگٹ کیا جارہا ہے لیکن جمعیت علماء اسلام پارلیمنٹ کے اندر اور باہر بھرپور کردار ادا کریگی اور کسی بھی غیر آئینی اور غیر قانونی اقدام کا ڈٹ کر مقابلہ کیا جائیگا حکومتی ناکامی کا سب سے بڑا ثبوت یہ ہے کہ صبح ادارہ کا سربراہ اور شام کو ہٹایا جاتا ہے ترقی کے دعوے جس انداز سے کئے جاتے ہیں وہ ڈرامہ بازیاں ہے قوم ضرور حساب لیگی۔
روزنامہ اکثریت 30	بقیہ نمبر
کی کامیابی کے لئے سکیورٹی صورتحال یقینی بنانا ضروری ہے۔ چینی سفیر نے کہا کہ بہتر اور کامیاب سسٹم کی تشکیل کے لئے جدید آلات کو زیر استعمال لایا جائیگا۔ وفاقی وزیر نے کہا کہ اس قدم سے پاک چین تعلقات مزید مستحکم ہوں گے۔
روزنامہ اکثریت 31	بقیہ نمبر
کی کامیابی کے لئے سکیورٹی صورتحال یقینی بنانا ضروری ہے۔ چینی سفیر نے کہا کہ بہتر اور کامیاب سسٹم کی تشکیل کے لئے جدید آلات کو زیر استعمال لایا جائیگا۔ وفاقی وزیر نے کہا کہ اس قدم سے پاک چین تعلقات مزید مستحکم ہوں گے۔
☆☆☆
